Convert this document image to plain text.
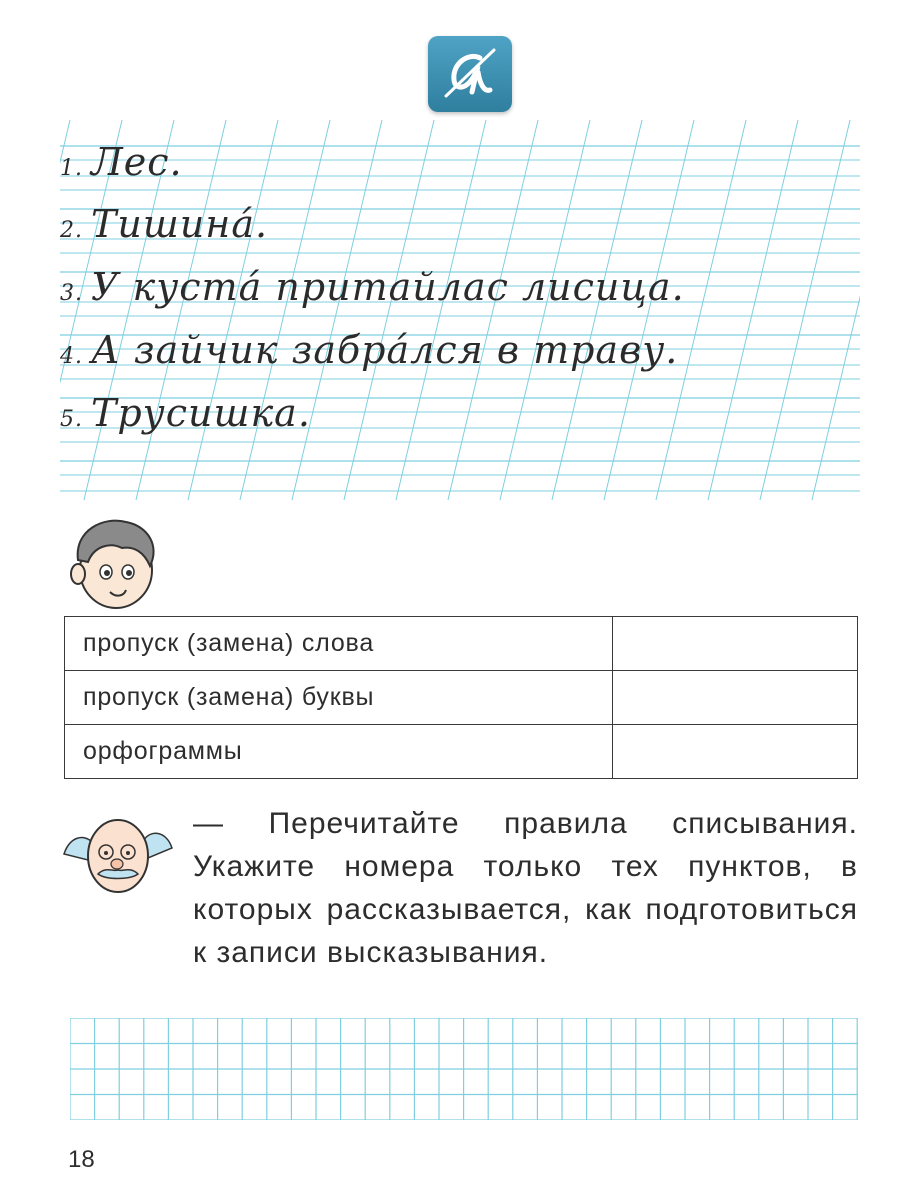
1. Лес.
2. Тишина́.
3. У куста́ притайлас лисица.
4. А зайчик забра́лся в траву.
5. Трусишка.
пропуск (замена) слова	
пропуск (замена) буквы	
орфограммы	
— Перечитайте правила списывания. Укажите номера только тех пунктов, в которых рассказывается, как подготовиться к записи высказывания.
18
